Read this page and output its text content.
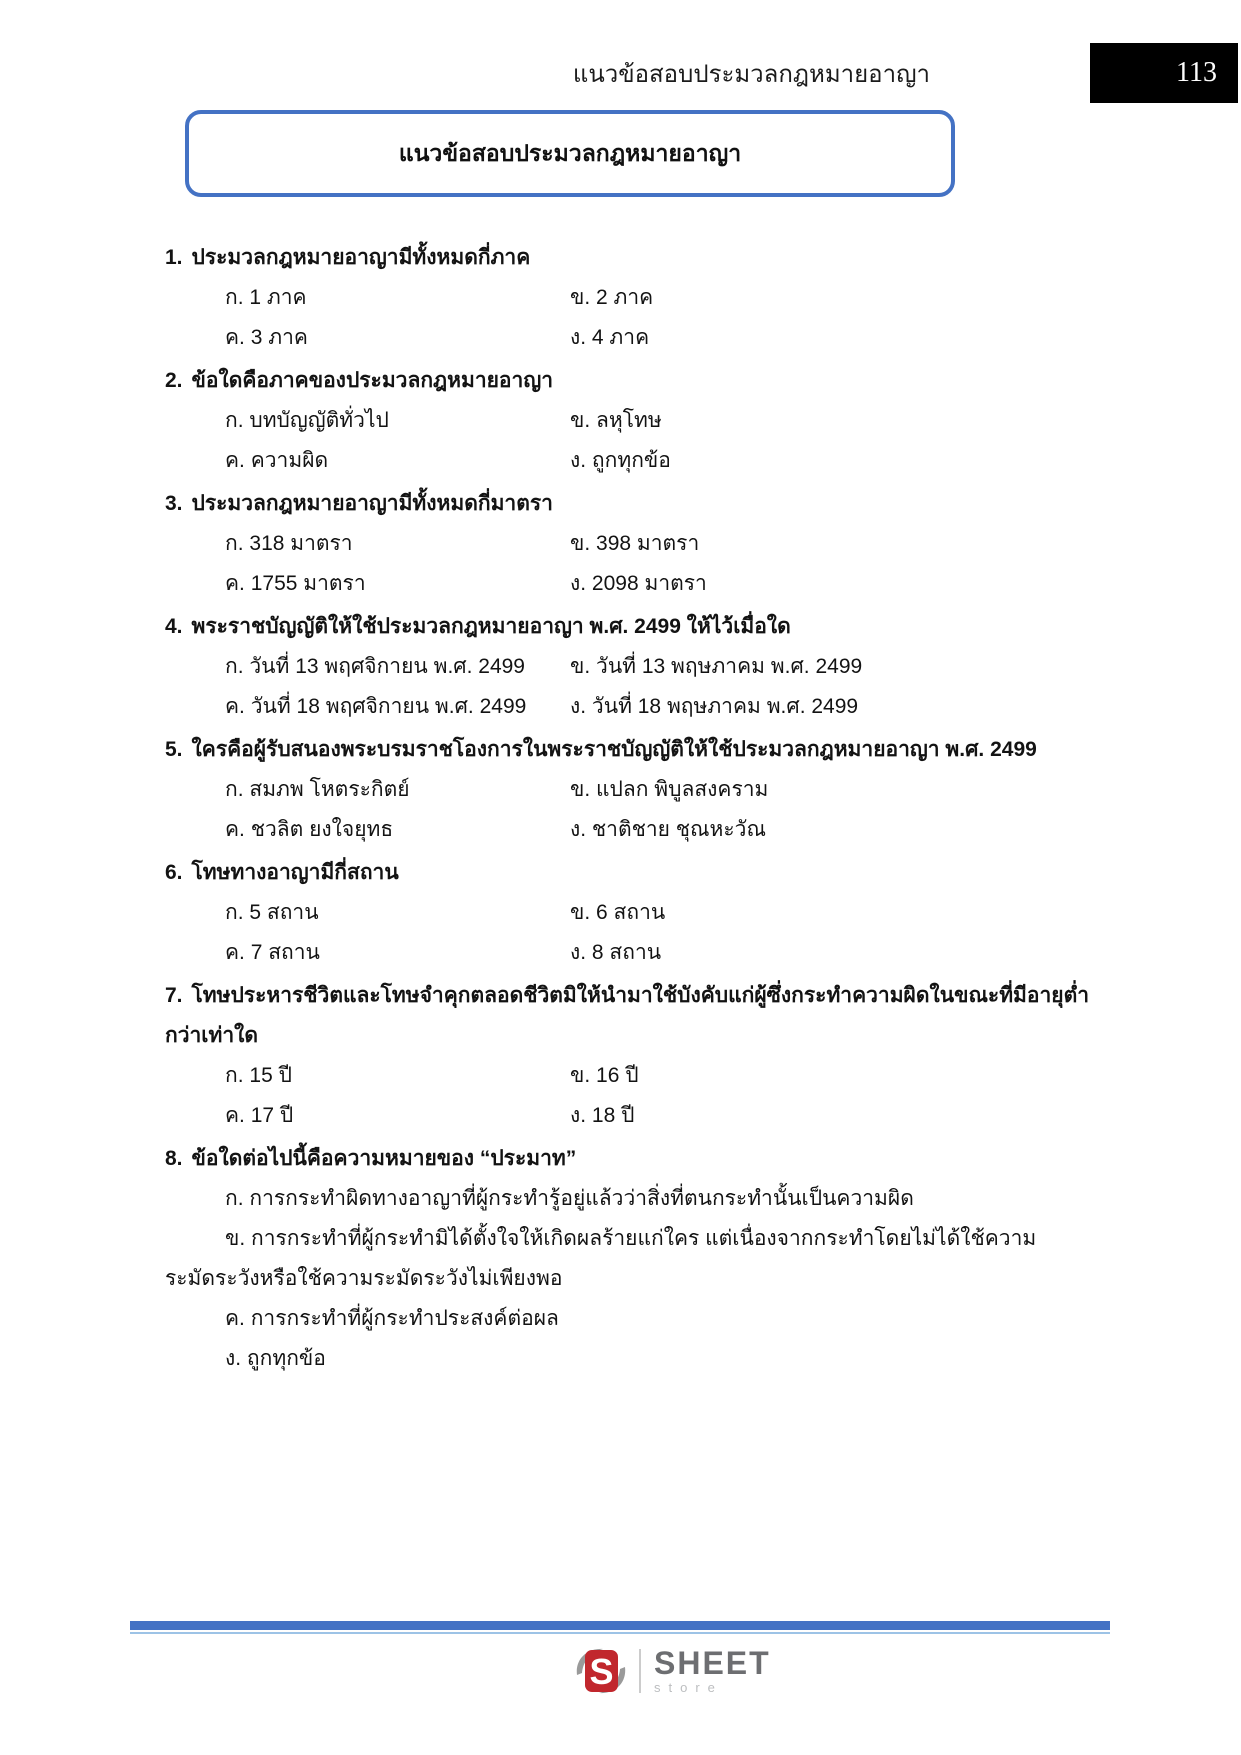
แนวข้อสอบประมวลกฎหมายอาญา	113
แนวข้อสอบประมวลกฎหมายอาญา

1. ประมวลกฎหมายอาญามีทั้งหมดกี่ภาค

ก. 1 ภาค	ข. 2 ภาค
ค. 3 ภาค	ง. 4 ภาค

2. ข้อใดคือภาคของประมวลกฎหมายอาญา

ก. บทบัญญัติทั่วไป	ข. ลหุโทษ
ค. ความผิด	ง. ถูกทุกข้อ

3. ประมวลกฎหมายอาญามีทั้งหมดกี่มาตรา

ก. 318 มาตรา	ข. 398 มาตรา
ค. 1755 มาตรา	ง. 2098 มาตรา

4. พระราชบัญญัติให้ใช้ประมวลกฎหมายอาญา พ.ศ. 2499 ให้ไว้เมื่อใด

ก. วันที่ 13 พฤศจิกายน พ.ศ. 2499	ข. วันที่ 13 พฤษภาคม พ.ศ. 2499
ค. วันที่ 18 พฤศจิกายน พ.ศ. 2499	ง. วันที่ 18 พฤษภาคม พ.ศ. 2499

5. ใครคือผู้รับสนองพระบรมราชโองการในพระราชบัญญัติให้ใช้ประมวลกฎหมายอาญา พ.ศ. 2499

ก. สมภพ โหตระกิตย์	ข. แปลก พิบูลสงคราม
ค. ชวลิต ยงใจยุทธ	ง. ชาติชาย ชุณหะวัณ

6. โทษทางอาญามีกี่สถาน

ก. 5 สถาน	ข. 6 สถาน
ค. 7 สถาน	ง. 8 สถาน

7. โทษประหารชีวิตและโทษจำคุกตลอดชีวิตมิให้นำมาใช้บังคับแก่ผู้ซึ่งกระทำความผิดในขณะที่มีอายุต่ำกว่าเท่าใด

ก. 15 ปี	ข. 16 ปี
ค. 17 ปี	ง. 18 ปี

8. ข้อใดต่อไปนี้คือความหมายของ “ประมาท”

ก. การกระทำผิดทางอาญาที่ผู้กระทำรู้อยู่แล้วว่าสิ่งที่ตนกระทำนั้นเป็นความผิด

ข. การกระทำที่ผู้กระทำมิได้ตั้งใจให้เกิดผลร้ายแก่ใคร แต่เนื่องจากกระทำโดยไม่ได้ใช้ความ

ระมัดระวังหรือใช้ความระมัดระวังไม่เพียงพอ

ค. การกระทำที่ผู้กระทำประสงค์ต่อผล

ง. ถูกทุกข้อ

S SHEET
store
